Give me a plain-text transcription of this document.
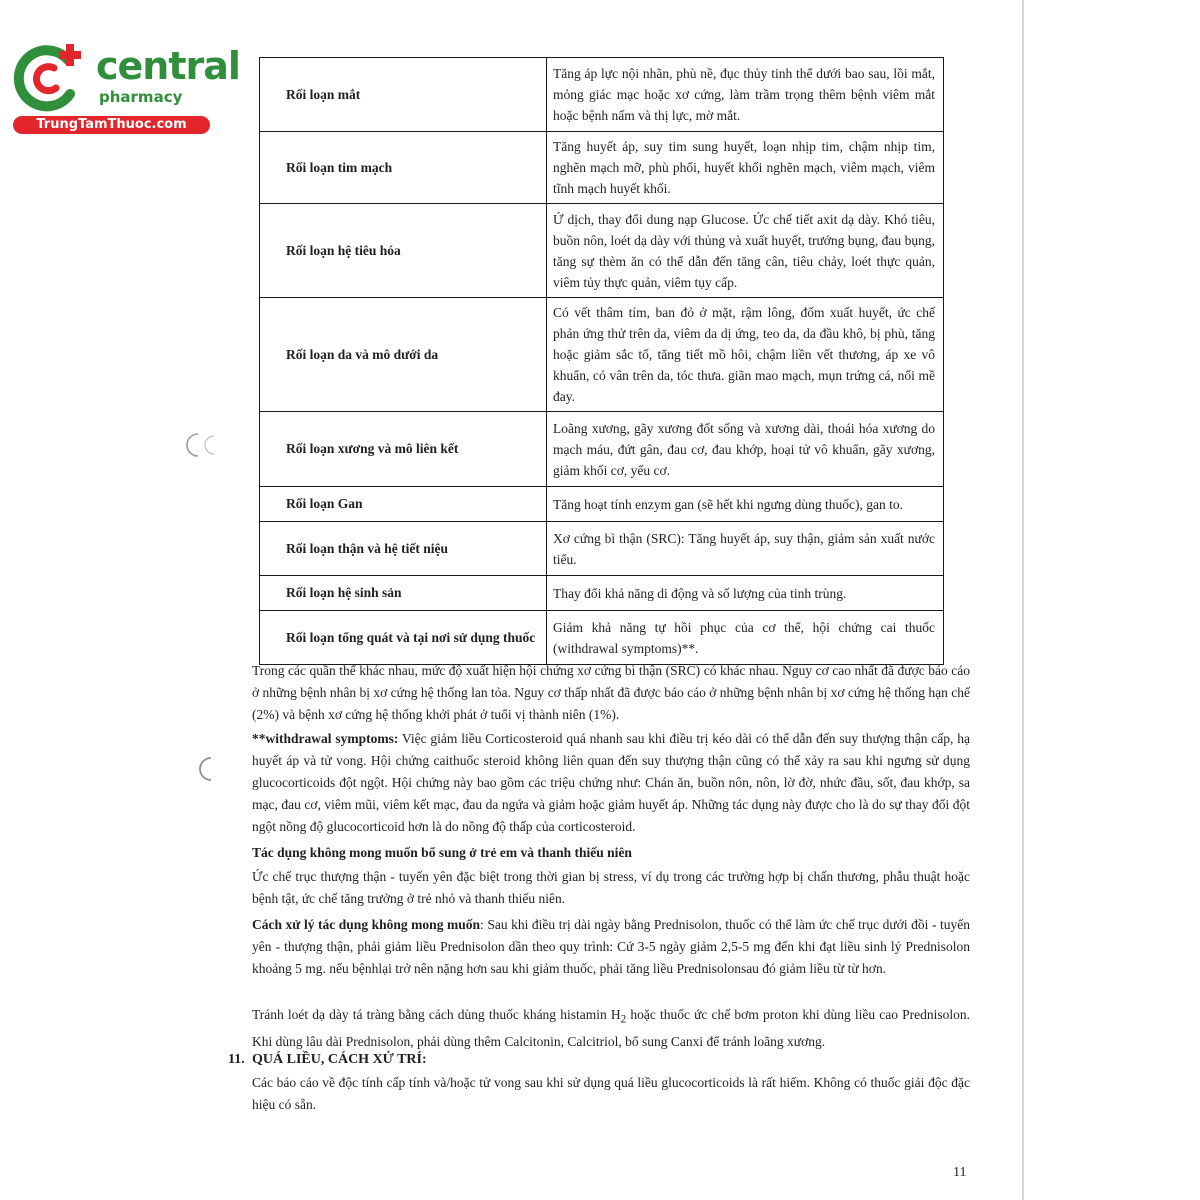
central
pharmacy
TrungTamThuoc.com
Rối loạn mắt	Tăng áp lực nội nhãn, phù nề, đục thủy tinh thể dưới bao sau, lồi mắt, mỏng giác mạc hoặc xơ cứng, làm trầm trọng thêm bệnh viêm mắt hoặc bệnh nấm và thị lực, mờ mắt.
Rối loạn tim mạch	Tăng huyết áp, suy tim sung huyết, loạn nhịp tim, chậm nhịp tim, nghẽn mạch mỡ, phù phổi, huyết khối nghẽn mạch, viêm mạch, viêm tĩnh mạch huyết khối.
Rối loạn hệ tiêu hóa	Ứ dịch, thay đổi dung nạp Glucose. Ức chế tiết axit dạ dày. Khó tiêu, buồn nôn, loét dạ dày với thủng và xuất huyết, trướng bụng, đau bụng, tăng sự thèm ăn có thể dẫn đến tăng cân, tiêu chảy, loét thực quản, viêm tủy thực quản, viêm tụy cấp.
Rối loạn da và mô dưới da	Có vết thâm tím, ban đỏ ở mặt, rậm lông, đốm xuất huyết, ức chế phản ứng thử trên da, viêm da dị ứng, teo da, da đầu khô, bị phù, tăng hoặc giảm sắc tố, tăng tiết mồ hôi, chậm liền vết thương, áp xe vô khuẩn, có vân trên da, tóc thưa. giãn mao mạch, mụn trứng cá, nổi mề đay.
Rối loạn xương và mô liên kết	Loãng xương, gãy xương đốt sống và xương dài, thoái hóa xương do mạch máu, đứt gân, đau cơ, đau khớp, hoại tử vô khuẩn, gãy xương, giảm khối cơ, yếu cơ.
Rối loạn Gan	Tăng hoạt tính enzym gan (sẽ hết khi ngưng dùng thuốc), gan to.
Rối loạn thận và hệ tiết niệu	Xơ cứng bì thận (SRC): Tăng huyết áp, suy thận, giảm sản xuất nước tiểu.
Rối loạn hệ sinh sản	Thay đổi khả năng di động và số lượng của tinh trùng.
Rối loạn tổng quát và tại nơi sử dụng thuốc	Giảm khả năng tự hồi phục của cơ thể, hội chứng cai thuốc (withdrawal symptoms)**.

Trong các quần thể khác nhau, mức độ xuất hiện hội chứng xơ cứng bì thận (SRC) có khác nhau. Nguy cơ cao nhất đã được báo cáo ở những bệnh nhân bị xơ cứng hệ thống lan tỏa. Nguy cơ thấp nhất đã được báo cáo ở những bệnh nhân bị xơ cứng hệ thống hạn chế (2%) và bệnh xơ cứng hệ thống khởi phát ở tuổi vị thành niên (1%).

**withdrawal symptoms: Việc giảm liều Corticosteroid quá nhanh sau khi điều trị kéo dài có thể dẫn đến suy thượng thận cấp, hạ huyết áp và tử vong. Hội chứng caithuốc steroid không liên quan đến suy thượng thận cũng có thể xảy ra sau khi ngưng sử dụng glucocorticoids đột ngột. Hội chứng này bao gồm các triệu chứng như: Chán ăn, buồn nôn, nôn, lờ đờ, nhức đầu, sốt, đau khớp, sa mạc, đau cơ, viêm mũi, viêm kết mạc, đau da ngứa và giảm hoặc giảm huyết áp. Những tác dụng này được cho là do sự thay đổi đột ngột nồng độ glucocorticoid hơn là do nồng độ thấp của corticosteroid.

Tác dụng không mong muốn bổ sung ở trẻ em và thanh thiếu niên

Ức chế trục thượng thận - tuyến yên đặc biệt trong thời gian bị stress, ví dụ trong các trường hợp bị chấn thương, phẫu thuật hoặc bệnh tật, ức chế tăng trưởng ở trẻ nhỏ và thanh thiếu niên.

Cách xử lý tác dụng không mong muốn: Sau khi điều trị dài ngày bằng Prednisolon, thuốc có thể làm ức chế trục dưới đồi - tuyến yên - thượng thận, phải giảm liều Prednisolon dần theo quy trình: Cứ 3-5 ngày giảm 2,5-5 mg đến khi đạt liều sinh lý Prednisolon khoảng 5 mg. nếu bệnhlại trở nên nặng hơn sau khi giảm thuốc, phải tăng liều Prednisolonsau đó giảm liều từ từ hơn.

Tránh loét dạ dày tá tràng bằng cách dùng thuốc kháng histamin $H_2$ hoặc thuốc ức chế bơm proton khi dùng liều cao Prednisolon. Khi dùng lâu dài Prednisolon, phải dùng thêm Calcitonin, Calcitriol, bổ sung Canxi để tránh loãng xương.

11. QUÁ LIỀU, CÁCH XỬ TRÍ:

Các báo cáo về độc tính cấp tính và/hoặc tử vong sau khi sử dụng quá liều glucocorticoids là rất hiếm. Không có thuốc giải độc đặc hiệu có sẵn.

11
